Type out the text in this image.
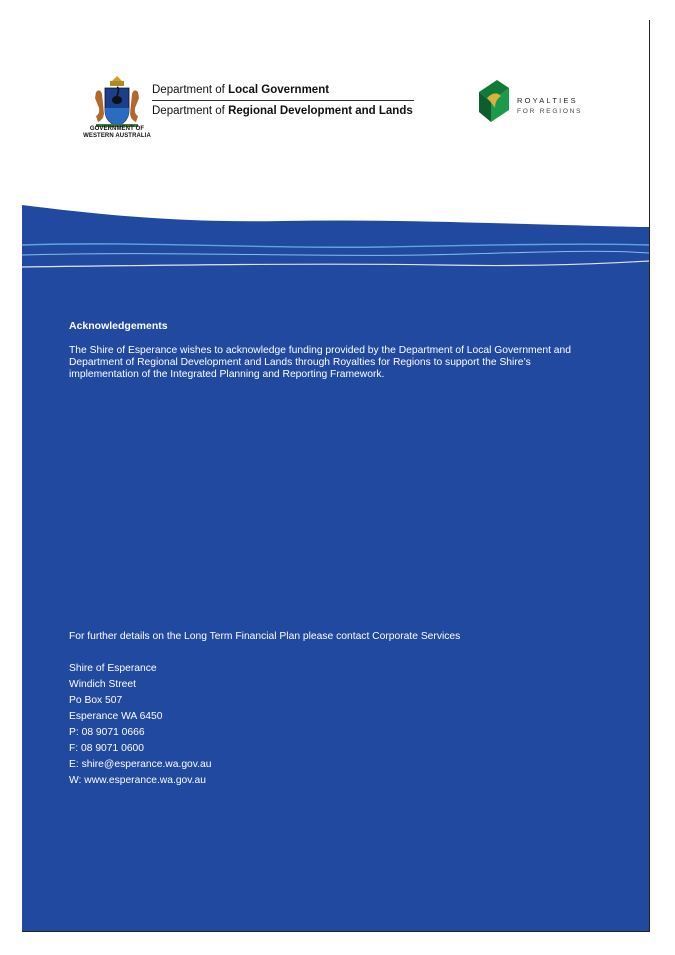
GOVERNMENT OF
WESTERN AUSTRALIA
Department of Local Government
Department of Regional Development and Lands
ROYALTIES
FOR REGIONS
Acknowledgements
The Shire of Esperance wishes to acknowledge funding provided by the Department of Local Government and Department of Regional Development and Lands through Royalties for Regions to support the Shire’s implementation of the Integrated Planning and Reporting Framework.
For further details on the Long Term Financial Plan please contact Corporate Services
Shire of Esperance
Windich Street
Po Box 507
Esperance WA 6450
P: 08 9071 0666
F: 08 9071 0600
E: shire@esperance.wa.gov.au
W: www.esperance.wa.gov.au
